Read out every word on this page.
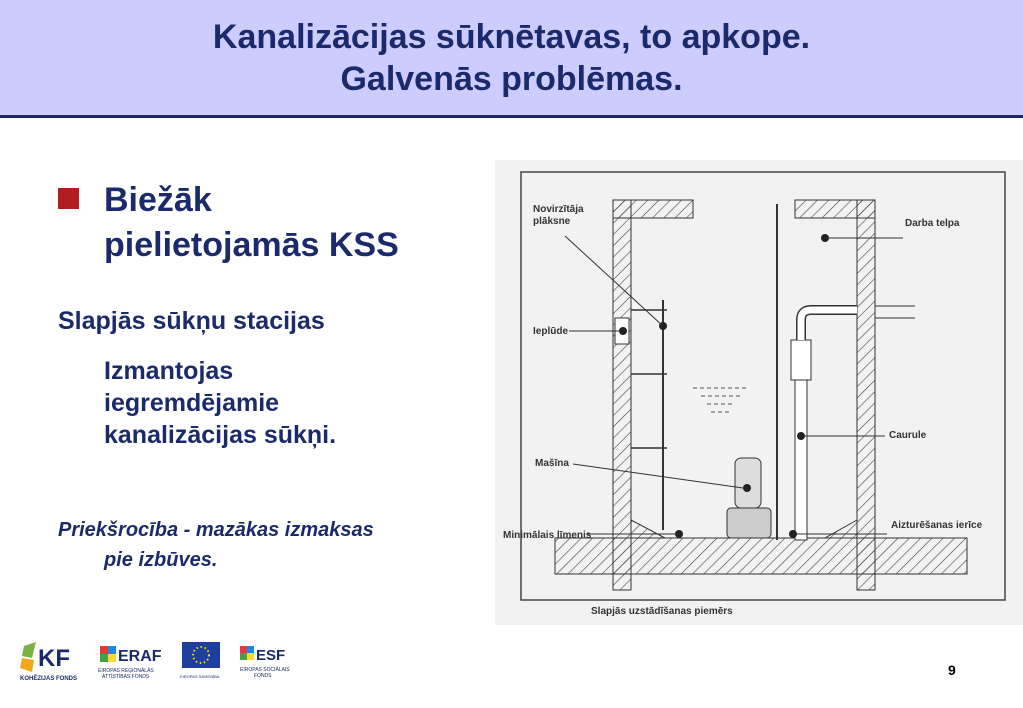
Kanalizācijas sūknētavas, to apkope.
Galvenās problēmas.
Biežāk
pielietojamās KSS
Slapjās sūkņu stacijas
Izmantojas
iegremdējamie
kanalizācijas sūkņi.
Priekšrocība - mazākas izmaksas
pie izbūves.
Novirzītāja
plāksne
Ieplūde
Mašīna
Minimālais līmenis
Darba telpa
Caurule
Aizturēšanas ierīce
Slapjās uzstādīšanas piemērs
KF
KOHĒZIJAS FONDS
ERAF
EIROPAS REĢIONĀLĀS
ATTĪSTĪBAS FONDS	EIROPAS SAVIENĪBA
ESF
EIROPAS SOCIĀLAIS
FONDS	9
